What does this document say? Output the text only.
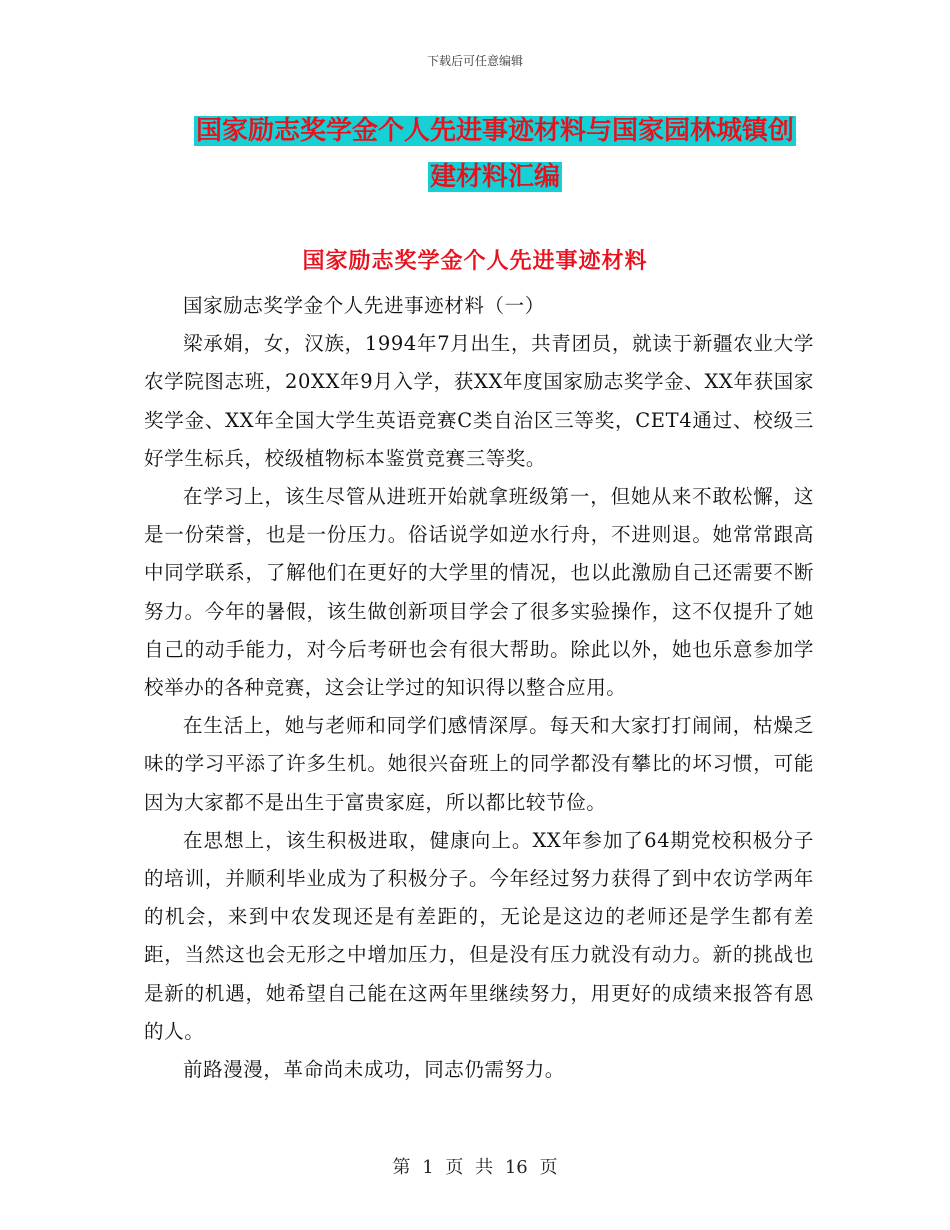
下载后可任意编辑
国家励志奖学金个人先进事迹材料与国家园林城镇创
建材料汇编
国家励志奖学金个人先进事迹材料

国家励志奖学金个人先进事迹材料（一）

梁承娟，女，汉族，1994年7月出生，共青团员，就读于新疆农业大学农学院图志班，20XX年9月入学，获XX年度国家励志奖学金、XX年获国家奖学金、XX年全国大学生英语竞赛C类自治区三等奖，CET4通过、校级三好学生标兵，校级植物标本鉴赏竞赛三等奖。

在学习上，该生尽管从进班开始就拿班级第一，但她从来不敢松懈，这是一份荣誉，也是一份压力。俗话说学如逆水行舟，不进则退。她常常跟高中同学联系，了解他们在更好的大学里的情况，也以此激励自己还需要不断努力。今年的暑假，该生做创新项目学会了很多实验操作，这不仅提升了她自己的动手能力，对今后考研也会有很大帮助。除此以外，她也乐意参加学校举办的各种竞赛，这会让学过的知识得以整合应用。

在生活上，她与老师和同学们感情深厚。每天和大家打打闹闹，枯燥乏味的学习平添了许多生机。她很兴奋班上的同学都没有攀比的坏习惯，可能因为大家都不是出生于富贵家庭，所以都比较节俭。

在思想上，该生积极进取，健康向上。XX年参加了64期党校积极分子的培训，并顺利毕业成为了积极分子。今年经过努力获得了到中农访学两年的机会，来到中农发现还是有差距的，无论是这边的老师还是学生都有差距，当然这也会无形之中增加压力，但是没有压力就没有动力。新的挑战也是新的机遇，她希望自己能在这两年里继续努力，用更好的成绩来报答有恩的人。

前路漫漫，革命尚未成功，同志仍需努力。

第 1 页 共 16 页
